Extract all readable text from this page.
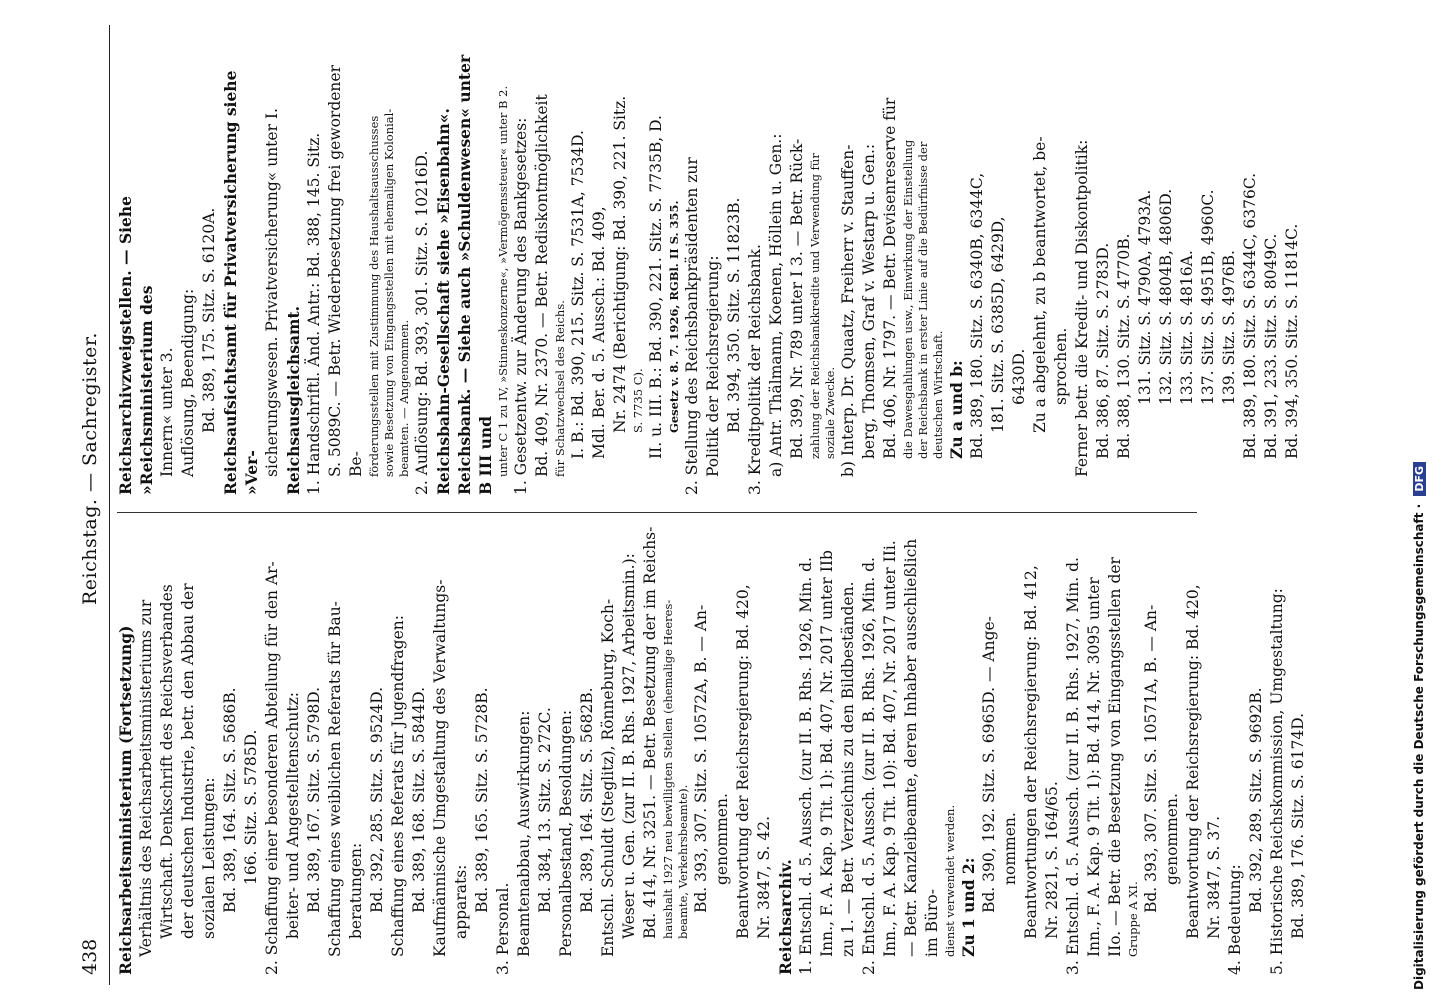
438
Reichstag. — Sachregister.
Reichsarbeitsministerium (Fortsetzung) Verhältnis des Reichsarbeitsministeriums zur Wirtschaft. Denkschrift des Reichsverbandes der deutschen Industrie, betr. den Abbau der sozialen Leistungen: Bd. 389, 164. Sitz. S. 5686B. 166. Sitz. S. 5785D. 2. Schaffung einer besonderen Abteilung für den Ar- beiter- und Angestelltenschutz: Bd. 389, 167. Sitz. S. 5798D. Schaffung eines weiblichen Referats für Bau- beratungen: Bd. 392, 285. Sitz. S. 9524D. Schaffung eines Referats für Jugendfragen: Bd. 389, 168. Sitz. S. 5844D. Kaufmännische Umgestaltung des Verwaltungs- apparats: Bd. 389, 165. Sitz. S. 5728B.
3. Personal. Beamtenabbau, Auswirkungen: Bd. 384, 13. Sitz. S. 272C. Personalbestand, Besoldungen: Bd. 389, 164. Sitz. S. 5682B. Entschl. Schuldt (Steglitz), Rönneburg, Koch- Weser u. Gen. (zur II. B. Rhs. 1927, Arbeitsmin.): Bd. 414, Nr. 3251. — Betr. Besetzung der im Reichs- haushalt 1927 neu bewilligten Stellen (ehemalige Heeres- beamte, Verkehrsbeamte). Bd. 393, 307. Sitz. S. 10572A, B. — An- genommen. Beantwortung der Reichsregierung: Bd. 420, Nr. 3847, S. 42. Reichsarchiv. 1. Entschl. d. 5. Aussch. (zur II. B. Rhs. 1926, Min. d. Inn., F. A. Kap. 9 Tit. 1): Bd. 407, Nr. 2017 unter IIb zu 1. — Betr. Verzeichnis zu den Bildbeständen. 2. Entschl. d. 5. Aussch. (zur II. B. Rhs. 1926, Min. d. Inn., F. A. Kap. 9 Tit. 10): Bd. 407, Nr. 2017 unter IIi. — Betr. Kanzleibeamte, deren Inhaber ausschließlich im Büro- dienst verwendet werden. Zu 1 und 2: Bd. 390, 192. Sitz. S. 6965D. — Ange- nommen. Beantwortungen der Reichsregierung: Bd. 412, Nr. 2821, S. 164/65. 3. Entschl. d. 5. Aussch. (zur II. B. Rhs. 1927, Min. d. Inn., F. A. Kap. 9 Tit. 1): Bd. 414, Nr. 3095 unter IIo. — Betr. die Besetzung von Eingangsstellen der Gruppe A XI.
Bd. 393, 307. Sitz. S. 10571A, B. — An- genommen. Beantwortung der Reichsregierung: Bd. 420, Nr. 3847, S. 37. 4. Bedeutung:
Bd. 392, 289. Sitz. S. 9692B. 5. Historische Reichskommission, Umgestaltung: Bd. 389, 176. Sitz. S. 6174D.
Reichsarchivzweigstellen. — Siehe »Reichsministerium des Innern« unter 3. Auflösung, Beendigung: Bd. 389, 175. Sitz. S. 6120A. Reichsaufsichtsamt für Privatversicherung siehe »Ver- sicherungswesen. Privatversicherung« unter I. Reichsausgleichsamt. 1. Handschriftl. Änd. Antr.: Bd. 388, 145. Sitz. S. 5089C. — Betr. Wiederbesetzung frei gewordener Be- förderungsstellen mit Zustimmung des Haushaltsausschusses sowie Besetzung von Eingangsstellen mit ehemaligen Kolonial- beamten. — Angenommen. 2. Auflösung: Bd. 393, 301. Sitz. S. 10216D. Reichsbahn-Gesellschaft siehe »Eisenbahn«. Reichsbank. — Siehe auch »Schuldenwesen« unter B III und unter C 1 zu IV, »Stinneskonzerne«, »Vermögenssteuer« unter B 2. 1. Gesetzentw. zur Änderung des Bankgesetzes: Bd. 409, Nr. 2370. — Betr. Rediskontmöglichkeit für Schatzwechsel des Reichs. I. B.: Bd. 390, 215. Sitz. S. 7531A, 7534D. Mdl. Ber. d. 5. Aussch.: Bd. 409, Nr. 2474 (Berichtigung: Bd. 390, 221. Sitz. S. 7735 C). II. u. III. B.: Bd. 390, 221. Sitz. S. 7735B, D. Gesetz v. 8. 7. 1926, RGBl. II S. 355. 2. Stellung des Reichsbankpräsidenten zur Politik der Reichsregierung: Bd. 394, 350. Sitz. S. 11823B. 3. Kreditpolitik der Reichsbank. a) Antr. Thälmann, Koenen, Höllein u. Gen.: Bd. 399, Nr. 789 unter I 3. — Betr. Rück- zahlung der Reichsbankkredite und Verwendung für soziale Zwecke. b) Interp. Dr. Quaatz, Freiherr v. Stauffen- berg, Thomsen, Graf v. Westarp u. Gen.: Bd. 406, Nr. 1797. — Betr. Devisenreserve für die Dawesgahlungen usw., Einwirkung der Einstellung der Reichsbank in erster Linie auf die Bedürfnisse der deutschen Wirtschaft. Zu a und b: Bd. 389, 180. Sitz. S. 6340B, 6344C, 181. Sitz. S. 6385D, 6429D, 6430D. Zu a abgelehnt, zu b beantwortet, be- sprochen. Ferner betr. die Kredit- und Diskontpolitik: Bd. 386, 87. Sitz. S. 2783D. Bd. 388, 130. Sitz. S. 4770B. 131. Sitz. S. 4790A, 4793A. 132. Sitz. S. 4804B, 4806D. 133. Sitz. S. 4816A. 137. Sitz. S. 4951B, 4960C. 139. Sitz. S. 4976B. Bd. 389, 180. Sitz. S. 6344C, 6376C. Bd. 391, 233. Sitz. S. 8049C. Bd. 394, 350. Sitz. S. 11814C.
Digitalisierung gefördert durch die Deutsche Forschungsgemeinschaft · DFG
